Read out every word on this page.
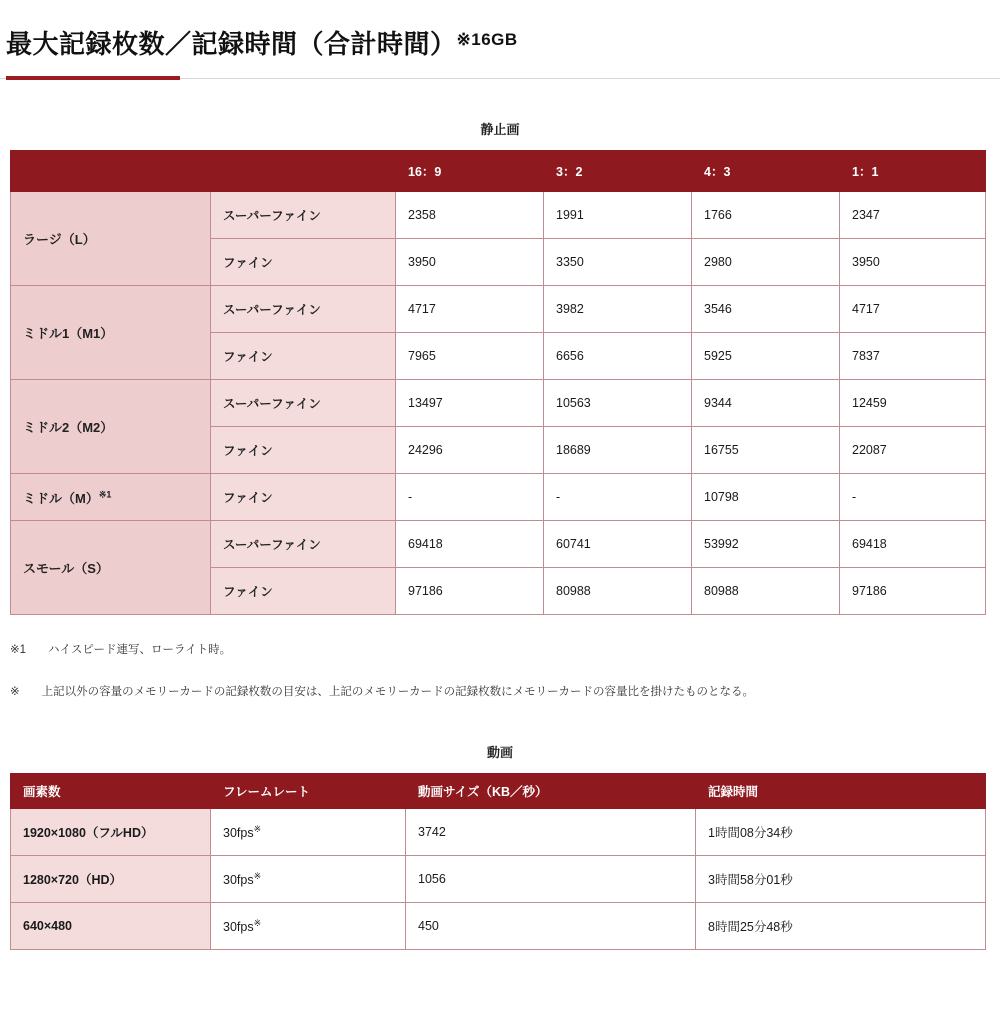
最大記録枚数／記録時間（合計時間）$^{※16GB}$
静止画
		16：9	3：2	4：3	1：1
ラージ（L）	スーパーファイン	2358	1991	1766	2347
	ファイン	3950	3350	2980	3950
ミドル1（M1）	スーパーファイン	4717	3982	3546	4717
	ファイン	7965	6656	5925	7837
ミドル2（M2）	スーパーファイン	13497	10563	9344	12459
	ファイン	24296	18689	16755	22087
ミドル$(M)^{※1}$	ファイン	-	-	10798	-
スモール（S）	スーパーファイン	69418	60741	53992	69418
	ファイン	97186	80988	80988	97186
※1 ハイスピード連写、ローライト時。
※ 上記以外の容量のメモリーカードの記録枚数の目安は、上記のメモリーカードの記録枚数にメモリーカードの容量比を掛けたものとなる。
動画
画素数	フレームレート	動画サイズ（KB／秒）	記録時間
1920×1080（フルHD）	30fps※	3742	1時間08分34秒
1280×720（HD）	30fps※	1056	3時間58分01秒
640×480	30fps※	450	8時間25分48秒
